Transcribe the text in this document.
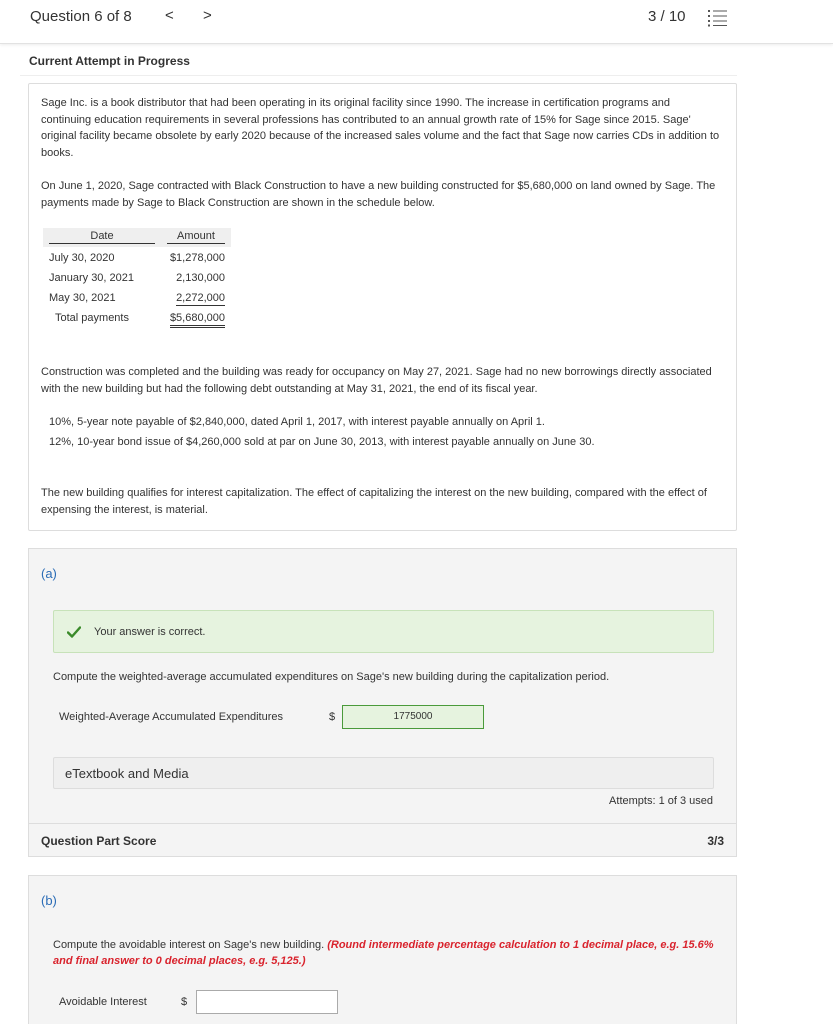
Question 6 of 8 < >	3 / 10
Current Attempt in Progress

Sage Inc. is a book distributor that had been operating in its original facility since 1990. The increase in certification programs and continuing education requirements in several professions has contributed to an annual growth rate of 15% for Sage since 2015. Sage' original facility became obsolete by early 2020 because of the increased sales volume and the fact that Sage now carries CDs in addition to books.

On June 1, 2020, Sage contracted with Black Construction to have a new building constructed for $5,680,000 on land owned by Sage. The payments made by Sage to Black Construction are shown in the schedule below.

Date	Amount
July 30, 2020	$1,278,000
January 30, 2021	2,130,000
May 30, 2021	2,272,000
Total payments	$5,680,000

Construction was completed and the building was ready for occupancy on May 27, 2021. Sage had no new borrowings directly associated with the new building but had the following debt outstanding at May 31, 2021, the end of its fiscal year.

10%, 5-year note payable of $2,840,000, dated April 1, 2017, with interest payable annually on April 1.

12%, 10-year bond issue of $4,260,000 sold at par on June 30, 2013, with interest payable annually on June 30.

The new building qualifies for interest capitalization. The effect of capitalizing the interest on the new building, compared with the effect of expensing the interest, is material.

(a)
Your answer is correct.

Compute the weighted-average accumulated expenditures on Sage's new building during the capitalization period.

Weighted-Average Accumulated Expenditures	$	1775000
eTextbook and Media
Attempts: 1 of 3 used
Question Part Score	3/3
(b)

Compute the avoidable interest on Sage's new building. (Round intermediate percentage calculation to 1 decimal place, e.g. 15.6% and final answer to 0 decimal places, e.g. 5,125.)

Avoidable Interest	$
